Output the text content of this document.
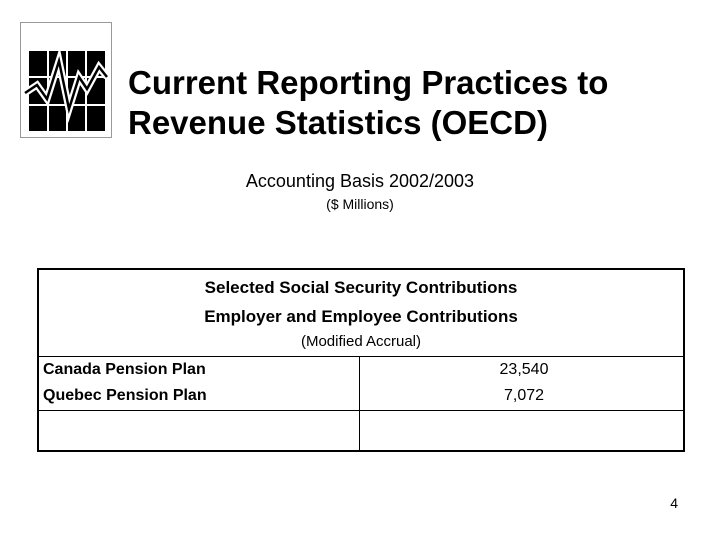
Current Reporting Practices to
Revenue Statistics (OECD)
Accounting Basis 2002/2003
($ Millions)
Selected Social Security Contributions
Employer and Employee Contributions
(Modified Accrual)
Canada Pension Plan	23,540
Quebec Pension Plan	7,072
4
